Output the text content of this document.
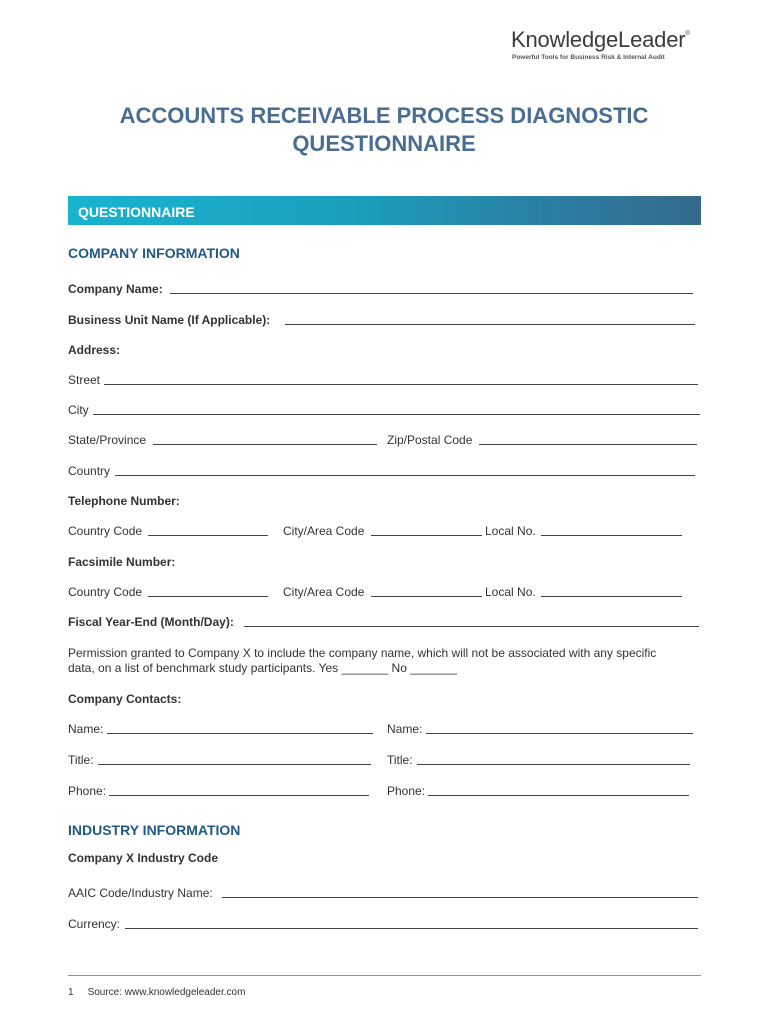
KnowledgeLeader®
Powerful Tools for Business Risk & Internal Audit
ACCOUNTS RECEIVABLE PROCESS DIAGNOSTIC
QUESTIONNAIRE
QUESTIONNAIRE
COMPANY INFORMATION
Company Name:
Business Unit Name (If Applicable):
Address:
Street
City
State/Province	Zip/Postal Code
Country
Telephone Number:
Country Code	City/Area Code	Local No.
Facsimile Number:
Country Code	City/Area Code	Local No.
Fiscal Year-End (Month/Day):
Permission granted to Company X to include the company name, which will not be associated with any specific
data, on a list of benchmark study participants. Yes _______ No _______
Company Contacts:
Name:	Name:
Title:	Title:
Phone:	Phone:
INDUSTRY INFORMATION
Company X Industry Code
AAIC Code/Industry Name:
Currency:
1 Source: www.knowledgeleader.com
